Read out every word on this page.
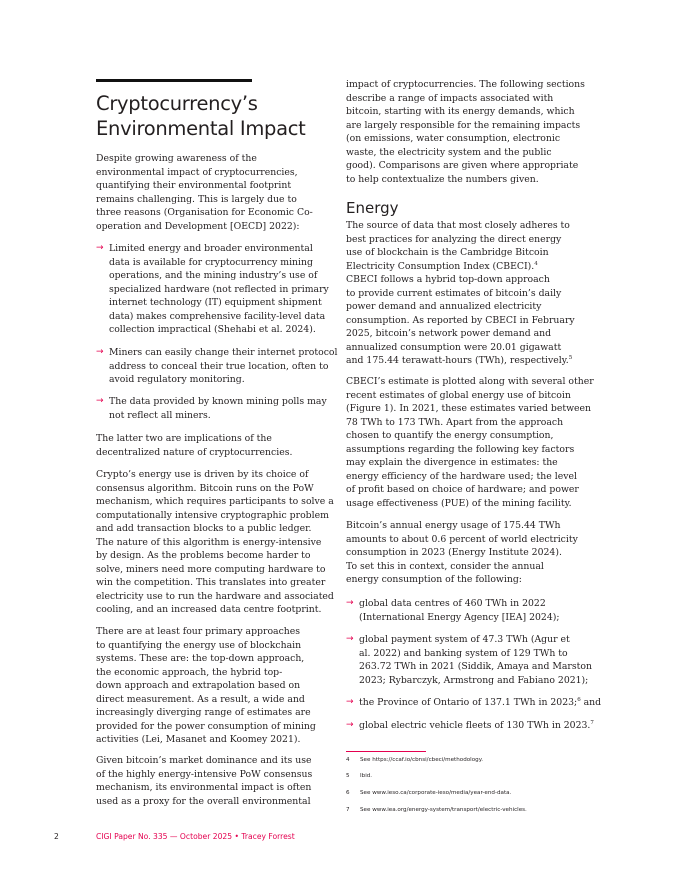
Cryptocurrency’s
Environmental Impact

Despite growing awareness of the

environmental impact of cryptocurrencies,

quantifying their environmental footprint

remains challenging. This is largely due to

three reasons (Organisation for Economic Co-

operation and Development [OECD] 2022):

→ Limited energy and broader environmental

data is available for cryptocurrency mining

operations, and the mining industry’s use of

specialized hardware (not reflected in primary

internet technology (IT) equipment shipment

data) makes comprehensive facility-level data

collection impractical (Shehabi et al. 2024).

→ Miners can easily change their internet protocol

address to conceal their true location, often to

avoid regulatory monitoring.

→ The data provided by known mining polls may

not reflect all miners.

The latter two are implications of the

decentralized nature of cryptocurrencies.

Crypto’s energy use is driven by its choice of

consensus algorithm. Bitcoin runs on the PoW

mechanism, which requires participants to solve a

computationally intensive cryptographic problem

and add transaction blocks to a public ledger.

The nature of this algorithm is energy-intensive

by design. As the problems become harder to

solve, miners need more computing hardware to

win the competition. This translates into greater

electricity use to run the hardware and associated

cooling, and an increased data centre footprint.

There are at least four primary approaches

to quantifying the energy use of blockchain

systems. These are: the top-down approach,

the economic approach, the hybrid top-

down approach and extrapolation based on

direct measurement. As a result, a wide and

increasingly diverging range of estimates are

provided for the power consumption of mining

activities (Lei, Masanet and Koomey 2021).

Given bitcoin’s market dominance and its use

of the highly energy-intensive PoW consensus

mechanism, its environmental impact is often

used as a proxy for the overall environmental

impact of cryptocurrencies. The following sections

describe a range of impacts associated with

bitcoin, starting with its energy demands, which

are largely responsible for the remaining impacts

(on emissions, water consumption, electronic

waste, the electricity system and the public

good). Comparisons are given where appropriate

to help contextualize the numbers given.

Energy

The source of data that most closely adheres to

best practices for analyzing the direct energy

use of blockchain is the Cambridge Bitcoin

Electricity Consumption Index (CBECI).$^4$

CBECI follows a hybrid top-down approach

to provide current estimates of bitcoin’s daily

power demand and annualized electricity

consumption. As reported by CBECI in February

2025, bitcoin’s network power demand and

annualized consumption were 20.01 gigawatt

and 175.44 terawatt-hours (TWh), respectively.$^5$

CBECI’s estimate is plotted along with several other

recent estimates of global energy use of bitcoin

(Figure 1). In 2021, these estimates varied between

78 TWh to 173 TWh. Apart from the approach

chosen to quantify the energy consumption,

assumptions regarding the following key factors

may explain the divergence in estimates: the

energy efficiency of the hardware used; the level

of profit based on choice of hardware; and power

usage effectiveness (PUE) of the mining facility.

Bitcoin’s annual energy usage of 175.44 TWh

amounts to about 0.6 percent of world electricity

consumption in 2023 (Energy Institute 2024).

To set this in context, consider the annual

energy consumption of the following:

→ global data centres of 460 TWh in 2022

(International Energy Agency [IEA] 2024);

→ global payment system of 47.3 TWh (Agur et

al. 2022) and banking system of 129 TWh to

263.72 TWh in 2021 (Siddik, Amaya and Marston

2023; Rybarczyk, Armstrong and Fabiano 2021);

→ the Province of Ontario of 137.1 TWh in 2023;$^6$ and

→ global electric vehicle fleets of 130 TWh in 2023.$^7$

4 See https://ccaf.io/cbnsi/cbeci/methodology.
5 Ibid.
6 See www.ieso.ca/corporate-ieso/media/year-end-data.
7 See www.iea.org/energy-system/transport/electric-vehicles.
2	CIGI Paper No. 335 — October 2025 • Tracey Forrest
